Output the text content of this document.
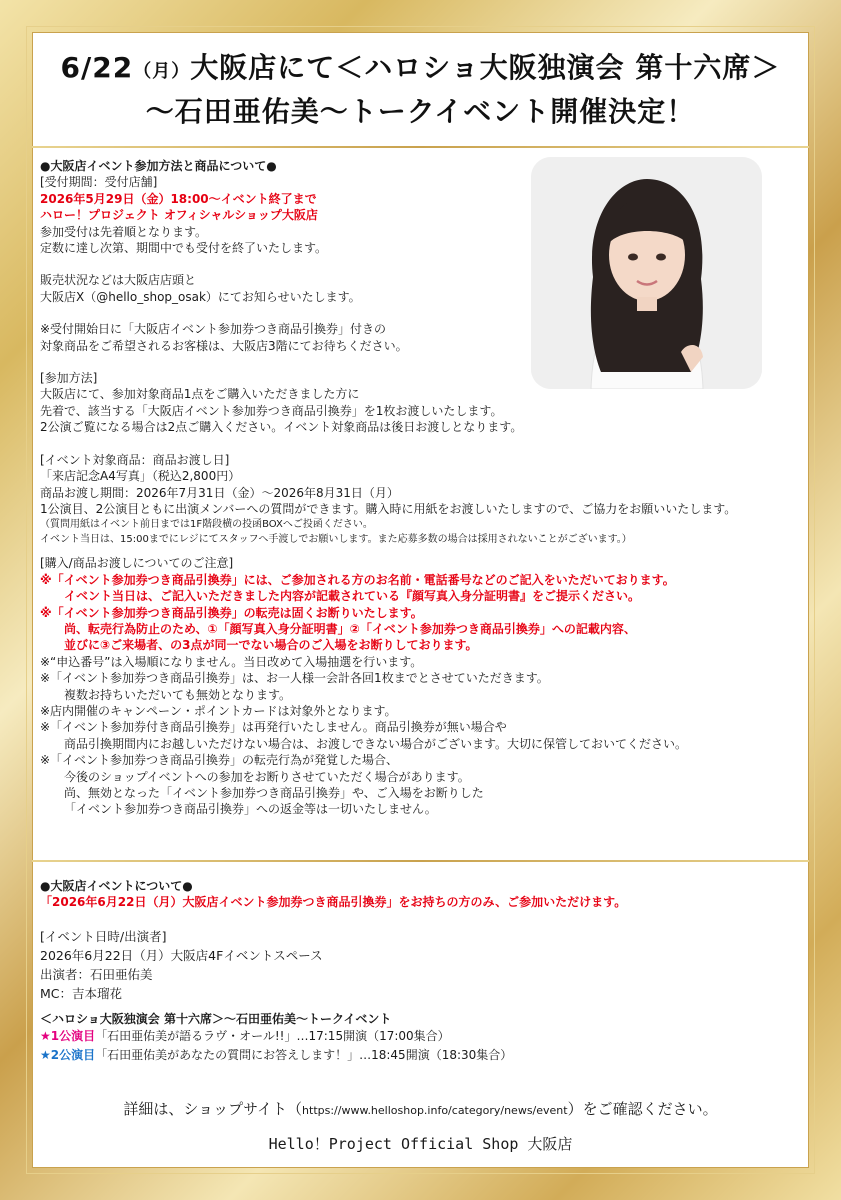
6/22（月）大阪店にて＜ハロショ大阪独演会 第十六席＞
～石田亜佑美～トークイベント開催決定！
●大阪店イベント参加方法と商品について●
[受付期間：受付店舗]
2026年5月29日（金）18:00～イベント終了まで
ハロー！プロジェクト オフィシャルショップ大阪店
参加受付は先着順となります。
定数に達し次第、期間中でも受付を終了いたします。
販売状況などは大阪店店頭と
大阪店X（@hello_shop_osak）にてお知らせいたします。
※受付開始日に「大阪店イベント参加券つき商品引換券」付きの
対象商品をご希望されるお客様は、大阪店3階にてお待ちください。
[参加方法]
大阪店にて、参加対象商品1点をご購入いただきました方に
先着で、該当する「大阪店イベント参加券つき商品引換券」を1枚お渡しいたします。
2公演ご覧になる場合は2点ご購入ください。イベント対象商品は後日お渡しとなります。
[イベント対象商品：商品お渡し日]
「来店記念A4写真」（税込2,800円）
商品お渡し期間：2026年7月31日（金）～2026年8月31日（月）
1公演目、2公演目ともに出演メンバーへの質問ができます。購入時に用紙をお渡しいたしますので、ご協力をお願いいたします。
（質問用紙はイベント前日までは1F階段横の投函BOXへご投函ください。
イベント当日は、15:00までにレジにてスタッフへ手渡しでお願いします。また応募多数の場合は採用されないことがございます。）
[購入/商品お渡しについてのご注意]
※「イベント参加券つき商品引換券」には、ご参加される方のお名前・電話番号などのご記入をいただいております。
イベント当日は、ご記入いただきました内容が記載されている『顔写真入身分証明書』をご提示ください。
※「イベント参加券つき商品引換券」の転売は固くお断りいたします。
尚、転売行為防止のため、①「顔写真入身分証明書」②「イベント参加券つき商品引換券」への記載内容、
並びに③ご来場者、の3点が同一でない場合のご入場をお断りしております。
※“申込番号”は入場順になりません。当日改めて入場抽選を行います。
※「イベント参加券つき商品引換券」は、お一人様一会計各回1枚までとさせていただきます。
複数お持ちいただいても無効となります。
※店内開催のキャンペーン・ポイントカードは対象外となります。
※「イベント参加券付き商品引換券」は再発行いたしません。商品引換券が無い場合や
商品引換期間内にお越しいただけない場合は、お渡しできない場合がございます。大切に保管しておいてください。
※「イベント参加券つき商品引換券」の転売行為が発覚した場合、
今後のショップイベントへの参加をお断りさせていただく場合があります。
尚、無効となった「イベント参加券つき商品引換券」や、ご入場をお断りした
「イベント参加券つき商品引換券」への返金等は一切いたしません。
●大阪店イベントについて●
「2026年6月22日（月）大阪店イベント参加券つき商品引換券」をお持ちの方のみ、ご参加いただけます。
[イベント日時/出演者]
2026年6月22日（月）大阪店4Fイベントスペース
出演者：石田亜佑美
MC：吉本瑠花
＜ハロショ大阪独演会 第十六席＞～石田亜佑美～トークイベント
★1公演目「石田亜佑美が語るラヴ・オール!!」…17:15開演（17:00集合）
★2公演目「石田亜佑美があなたの質問にお答えします！」…18:45開演（18:30集合）
詳細は、ショップサイト（https://www.helloshop.info/category/news/event）をご確認ください。
Hello！Project Official Shop 大阪店
